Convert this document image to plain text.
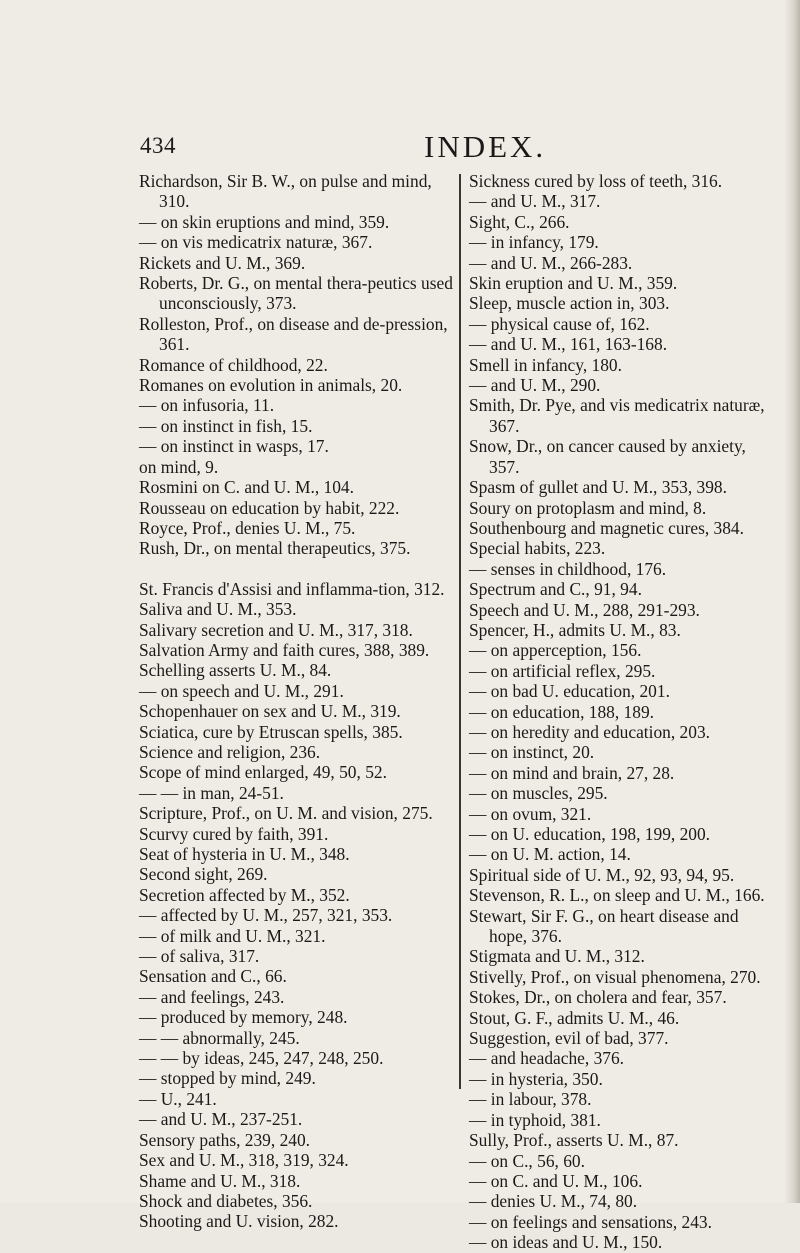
434	INDEX.

Richardson, Sir B. W., on pulse and mind, 310.

— on skin eruptions and mind, 359.

— on vis medicatrix naturæ, 367.

Rickets and U. M., 369.

Roberts, Dr. G., on mental thera-peutics used unconsciously, 373.

Rolleston, Prof., on disease and de-pression, 361.

Romance of childhood, 22.

Romanes on evolution in animals, 20.

— on infusoria, 11.

— on instinct in fish, 15.

— on instinct in wasps, 17.

on mind, 9.

Rosmini on C. and U. M., 104.

Rousseau on education by habit, 222.

Royce, Prof., denies U. M., 75.

Rush, Dr., on mental therapeutics, 375.

St. Francis d'Assisi and inflamma-tion, 312.

Saliva and U. M., 353.

Salivary secretion and U. M., 317, 318.

Salvation Army and faith cures, 388, 389.

Schelling asserts U. M., 84.

— on speech and U. M., 291.

Schopenhauer on sex and U. M., 319.

Sciatica, cure by Etruscan spells, 385.

Science and religion, 236.

Scope of mind enlarged, 49, 50, 52.

— — in man, 24-51.

Scripture, Prof., on U. M. and vision, 275.

Scurvy cured by faith, 391.

Seat of hysteria in U. M., 348.

Second sight, 269.

Secretion affected by M., 352.

— affected by U. M., 257, 321, 353.

— of milk and U. M., 321.

— of saliva, 317.

Sensation and C., 66.

— and feelings, 243.

— produced by memory, 248.

— — abnormally, 245.

— — by ideas, 245, 247, 248, 250.

— stopped by mind, 249.

— U., 241.

— and U. M., 237-251.

Sensory paths, 239, 240.

Sex and U. M., 318, 319, 324.

Shame and U. M., 318.

Shock and diabetes, 356.

Shooting and U. vision, 282.

Sickness cured by loss of teeth, 316.

— and U. M., 317.

Sight, C., 266.

— in infancy, 179.

— and U. M., 266-283.

Skin eruption and U. M., 359.

Sleep, muscle action in, 303.

— physical cause of, 162.

— and U. M., 161, 163-168.

Smell in infancy, 180.

— and U. M., 290.

Smith, Dr. Pye, and vis medicatrix naturæ, 367.

Snow, Dr., on cancer caused by anxiety, 357.

Spasm of gullet and U. M., 353, 398.

Soury on protoplasm and mind, 8.

Southenbourg and magnetic cures, 384.

Special habits, 223.

— senses in childhood, 176.

Spectrum and C., 91, 94.

Speech and U. M., 288, 291-293.

Spencer, H., admits U. M., 83.

— on apperception, 156.

— on artificial reflex, 295.

— on bad U. education, 201.

— on education, 188, 189.

— on heredity and education, 203.

— on instinct, 20.

— on mind and brain, 27, 28.

— on muscles, 295.

— on ovum, 321.

— on U. education, 198, 199, 200.

— on U. M. action, 14.

Spiritual side of U. M., 92, 93, 94, 95.

Stevenson, R. L., on sleep and U. M., 166.

Stewart, Sir F. G., on heart disease and hope, 376.

Stigmata and U. M., 312.

Stivelly, Prof., on visual phenomena, 270.

Stokes, Dr., on cholera and fear, 357.

Stout, G. F., admits U. M., 46.

Suggestion, evil of bad, 377.

— and headache, 376.

— in hysteria, 350.

— in labour, 378.

— in typhoid, 381.

Sully, Prof., asserts U. M., 87.

— on C., 56, 60.

— on C. and U. M., 106.

— denies U. M., 74, 80.

— on feelings and sensations, 243.

— on ideas and U. M., 150.
